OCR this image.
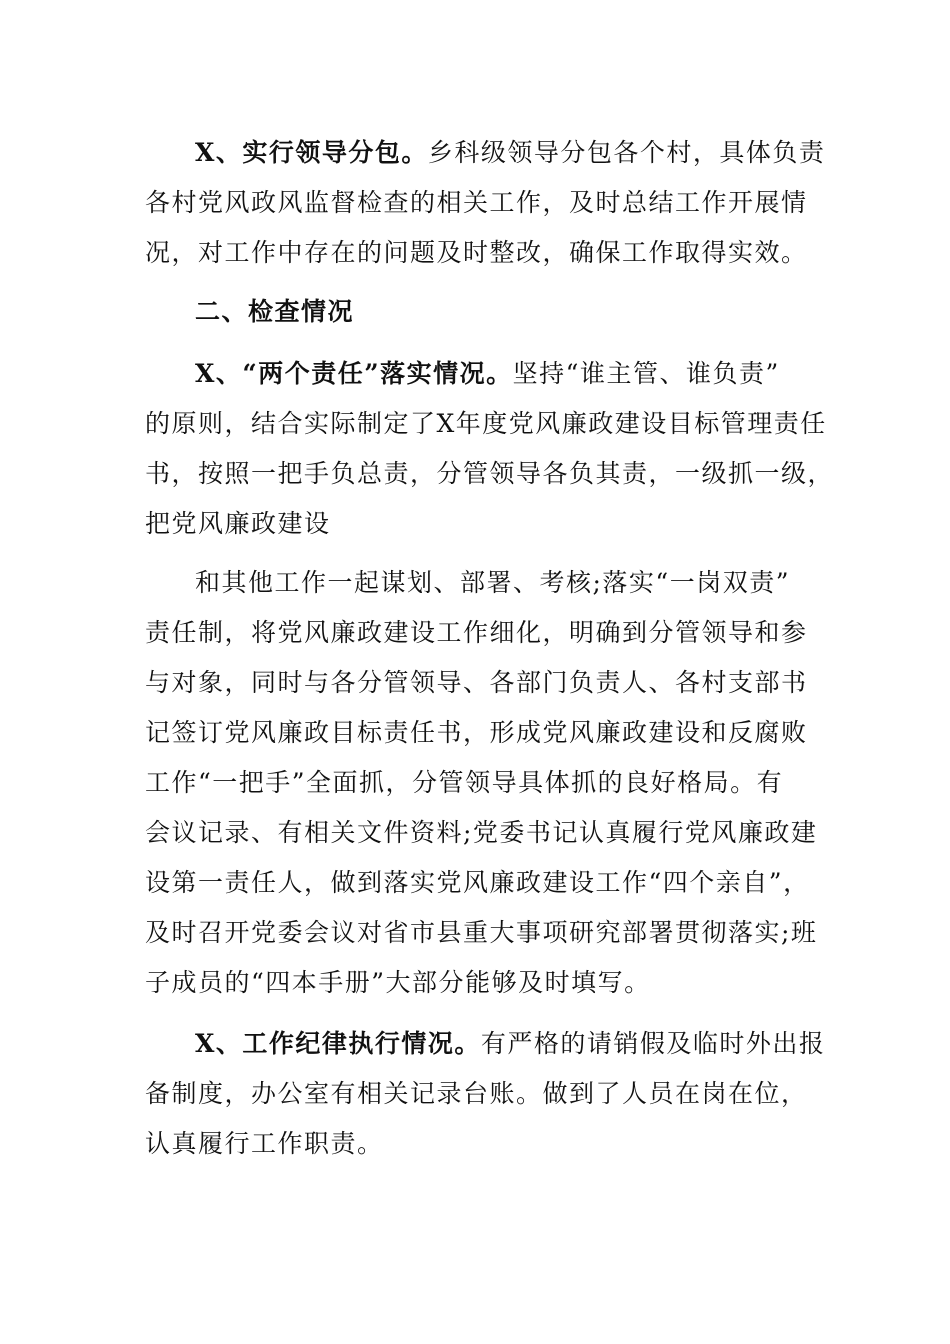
X、实行领导分包。乡科级领导分包各个村，具体负责
各村党风政风监督检查的相关工作，及时总结工作开展情
况，对工作中存在的问题及时整改，确保工作取得实效。
二、检查情况
X、“两个责任”落实情况。坚持“谁主管、谁负责”
的原则，结合实际制定了X年度党风廉政建设目标管理责任
书，按照一把手负总责，分管领导各负其责，一级抓一级，
把党风廉政建设
和其他工作一起谋划、部署、考核;落实“一岗双责”
责任制，将党风廉政建设工作细化，明确到分管领导和参
与对象，同时与各分管领导、各部门负责人、各村支部书
记签订党风廉政目标责任书，形成党风廉政建设和反腐败
工作“一把手”全面抓，分管领导具体抓的良好格局。有
会议记录、有相关文件资料;党委书记认真履行党风廉政建
设第一责任人，做到落实党风廉政建设工作“四个亲自”，
及时召开党委会议对省市县重大事项研究部署贯彻落实;班
子成员的“四本手册”大部分能够及时填写。
X、工作纪律执行情况。有严格的请销假及临时外出报
备制度，办公室有相关记录台账。做到了人员在岗在位，
认真履行工作职责。
